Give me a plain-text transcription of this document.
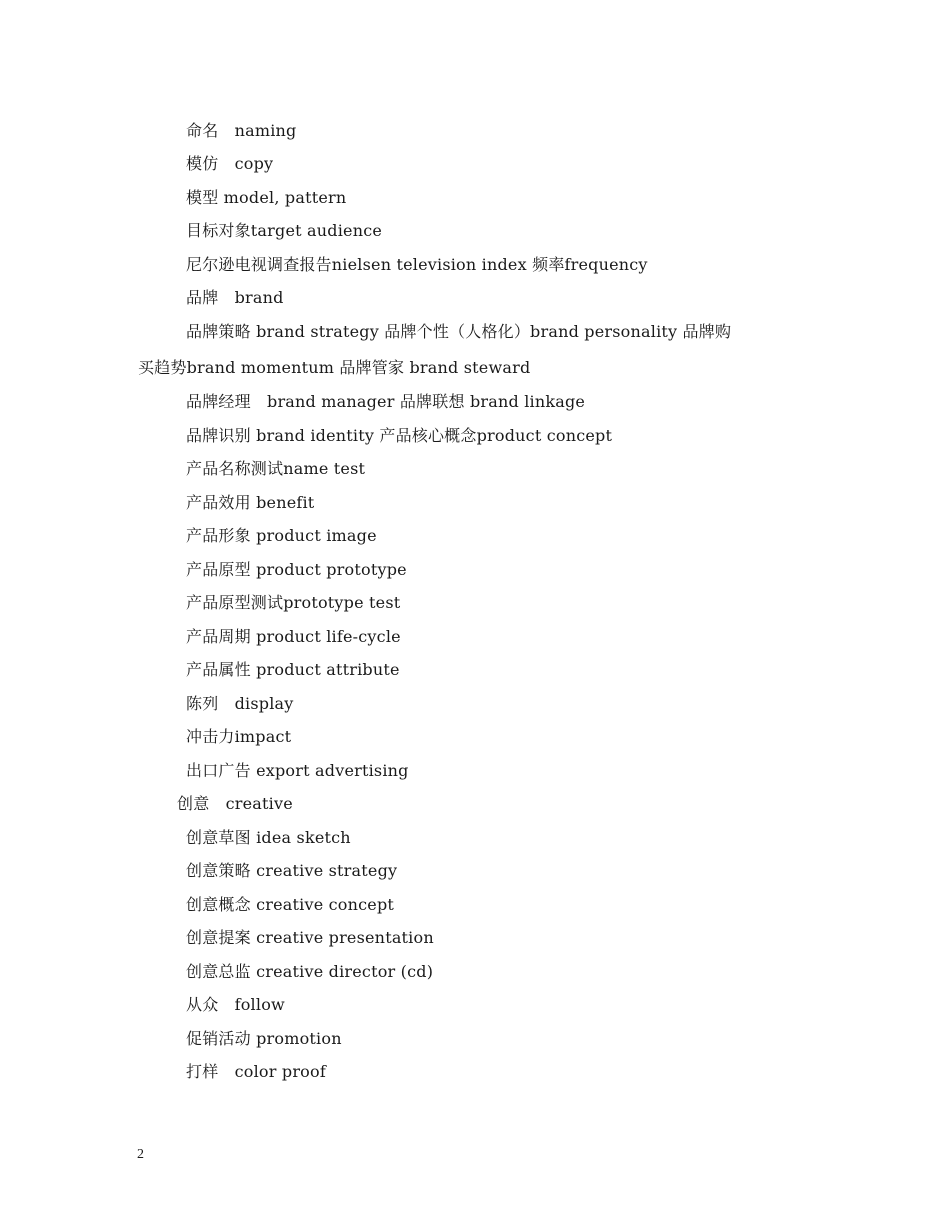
命名　naming
模仿　copy
模型 model, pattern
目标对象target audience
尼尔逊电视调查报告nielsen television index 频率frequency
品牌　brand
品牌策略 brand strategy 品牌个性（人格化）brand personality 品牌购
买趋势brand momentum 品牌管家 brand steward
品牌经理　brand manager 品牌联想 brand linkage
品牌识别 brand identity 产品核心概念product concept
产品名称测试name test
产品效用 benefit
产品形象 product image
产品原型 product prototype
产品原型测试prototype test
产品周期 product life-cycle
产品属性 product attribute
陈列　display
冲击力impact
出口广告 export advertising
创意　creative
创意草图 idea sketch
创意策略 creative strategy
创意概念 creative concept
创意提案 creative presentation
创意总监 creative director (cd)
从众　follow
促销活动 promotion
打样　color proof
2
